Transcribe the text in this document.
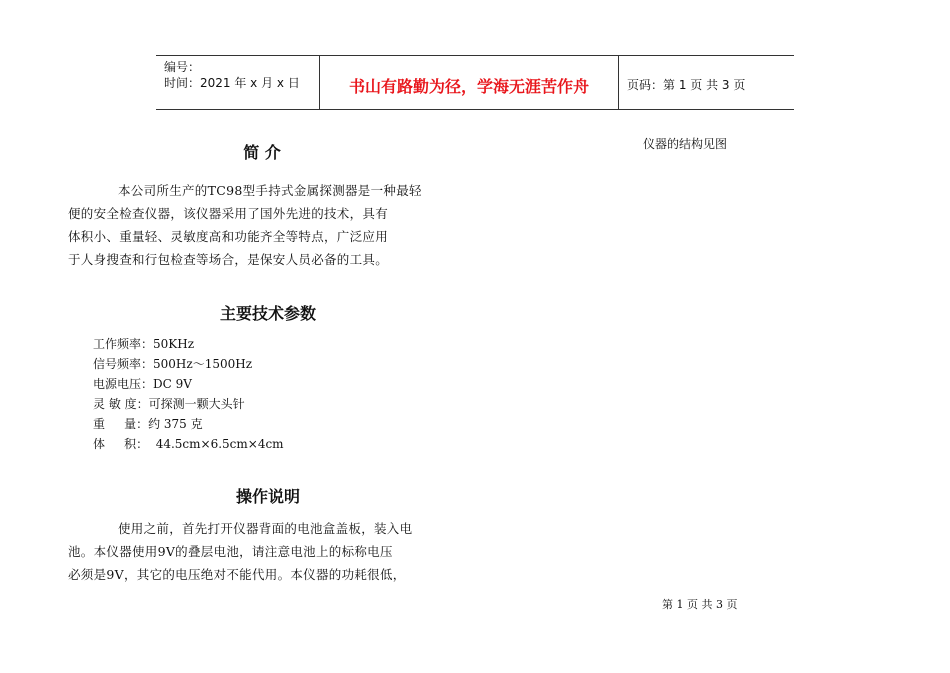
编号：
时间：2021 年 x 月 x 日	书山有路勤为径，学海无涯苦作舟	页码：第 1 页 共 3 页
简 介

本公司所生产的TC98型手持式金属探测器是一种最轻
便的安全检查仪器，该仪器采用了国外先进的技术，具有
体积小、重量轻、灵敏度高和功能齐全等特点，广泛应用
于人身搜查和行包检查等场合，是保安人员必备的工具。

主要技术参数
工作频率：50KHz
信号频率：500Hz～1500Hz
电源电压：DC 9V
灵 敏 度：可探测一颗大头针
重     量：约 375 克
体     积：  44.5cm×6.5cm×4cm
操作说明

使用之前，首先打开仪器背面的电池盒盖板，装入电
池。本仪器使用9V的叠层电池，请注意电池上的标称电压
必须是9V，其它的电压绝对不能代用。本仪器的功耗很低，

仪器的结构见图
第 1 页 共 3 页
